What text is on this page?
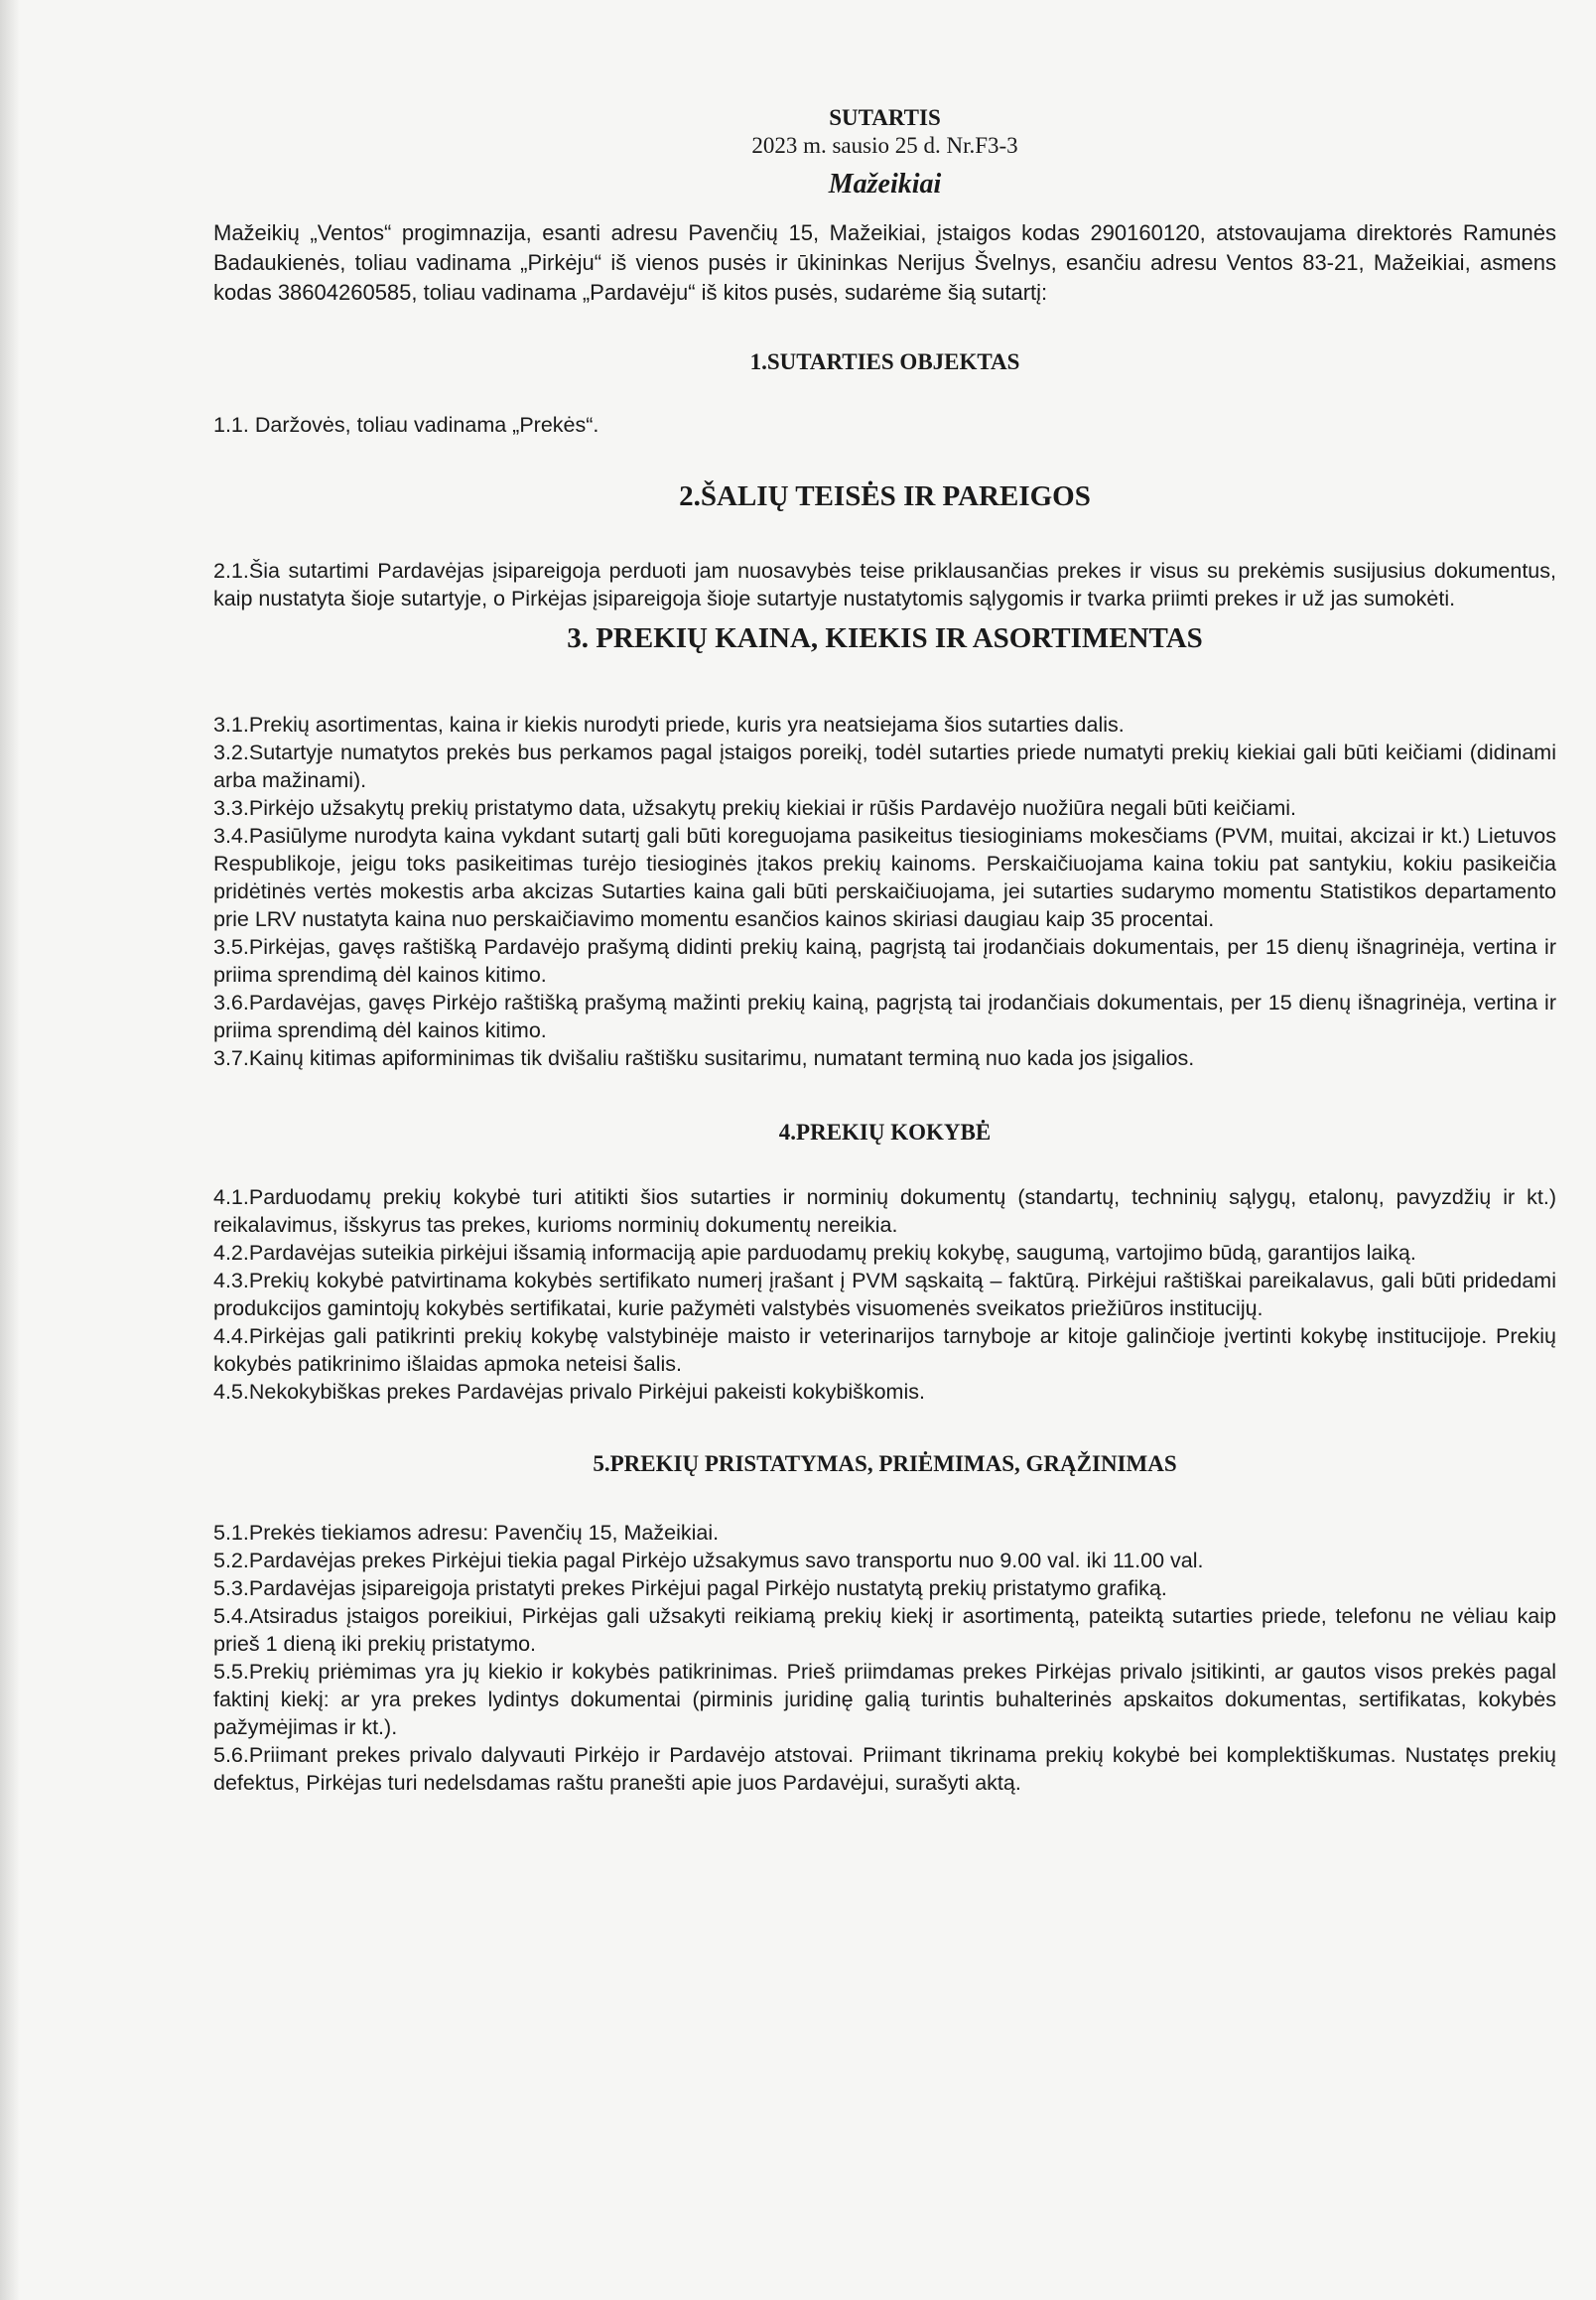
SUTARTIS

2023 m. sausio 25 d. Nr.F3-3

Mažeikiai

Mažeikių „Ventos“ progimnazija, esanti adresu Pavenčių 15, Mažeikiai, įstaigos kodas 290160120, atstovaujama direktorės Ramunės Badaukienės, toliau vadinama „Pirkėju“ iš vienos pusės ir ūkininkas Nerijus Švelnys, esančiu adresu Ventos 83-21, Mažeikiai, asmens kodas 38604260585, toliau vadinama „Pardavėju“ iš kitos pusės, sudarėme šią sutartį:

1.SUTARTIES OBJEKTAS

1.1. Daržovės, toliau vadinama „Prekės“.

2.ŠALIŲ TEISĖS IR PAREIGOS

2.1.Šia sutartimi Pardavėjas įsipareigoja perduoti jam nuosavybės teise priklausančias prekes ir visus su prekėmis susijusius dokumentus, kaip nustatyta šioje sutartyje, o Pirkėjas įsipareigoja šioje sutartyje nustatytomis sąlygomis ir tvarka priimti prekes ir už jas sumokėti.

3. PREKIŲ KAINA, KIEKIS IR ASORTIMENTAS

3.1.Prekių asortimentas, kaina ir kiekis nurodyti priede, kuris yra neatsiejama šios sutarties dalis.

3.2.Sutartyje numatytos prekės bus perkamos pagal įstaigos poreikį, todėl sutarties priede numatyti prekių kiekiai gali būti keičiami (didinami arba mažinami).

3.3.Pirkėjo užsakytų prekių pristatymo data, užsakytų prekių kiekiai ir rūšis Pardavėjo nuožiūra negali būti keičiami.

3.4.Pasiūlyme nurodyta kaina vykdant sutartį gali būti koreguojama pasikeitus tiesioginiams mokesčiams (PVM, muitai, akcizai ir kt.) Lietuvos Respublikoje, jeigu toks pasikeitimas turėjo tiesioginės įtakos prekių kainoms. Perskaičiuojama kaina tokiu pat santykiu, kokiu pasikeičia pridėtinės vertės mokestis arba akcizas Sutarties kaina gali būti perskaičiuojama, jei sutarties sudarymo momentu Statistikos departamento prie LRV nustatyta kaina nuo perskaičiavimo momentu esančios kainos skiriasi daugiau kaip 35 procentai.

3.5.Pirkėjas, gavęs raštišką Pardavėjo prašymą didinti prekių kainą, pagrįstą tai įrodančiais dokumentais, per 15 dienų išnagrinėja, vertina ir priima sprendimą dėl kainos kitimo.

3.6.Pardavėjas, gavęs Pirkėjo raštišką prašymą mažinti prekių kainą, pagrįstą tai įrodančiais dokumentais, per 15 dienų išnagrinėja, vertina ir priima sprendimą dėl kainos kitimo.

3.7.Kainų kitimas apiforminimas tik dvišaliu raštišku susitarimu, numatant terminą nuo kada jos įsigalios.

4.PREKIŲ KOKYBĖ

4.1.Parduodamų prekių kokybė turi atitikti šios sutarties ir norminių dokumentų (standartų, techninių sąlygų, etalonų, pavyzdžių ir kt.) reikalavimus, išskyrus tas prekes, kurioms norminių dokumentų nereikia.

4.2.Pardavėjas suteikia pirkėjui išsamią informaciją apie parduodamų prekių kokybę, saugumą, vartojimo būdą, garantijos laiką.

4.3.Prekių kokybė patvirtinama kokybės sertifikato numerį įrašant į PVM sąskaitą – faktūrą. Pirkėjui raštiškai pareikalavus, gali būti pridedami produkcijos gamintojų kokybės sertifikatai, kurie pažymėti valstybės visuomenės sveikatos priežiūros institucijų.

4.4.Pirkėjas gali patikrinti prekių kokybę valstybinėje maisto ir veterinarijos tarnyboje ar kitoje galinčioje įvertinti kokybę institucijoje. Prekių kokybės patikrinimo išlaidas apmoka neteisi šalis.

4.5.Nekokybiškas prekes Pardavėjas privalo Pirkėjui pakeisti kokybiškomis.

5.PREKIŲ PRISTATYMAS, PRIĖMIMAS, GRĄŽINIMAS

5.1.Prekės tiekiamos adresu: Pavenčių 15, Mažeikiai.

5.2.Pardavėjas prekes Pirkėjui tiekia pagal Pirkėjo užsakymus savo transportu nuo 9.00 val. iki 11.00 val.

5.3.Pardavėjas įsipareigoja pristatyti prekes Pirkėjui pagal Pirkėjo nustatytą prekių pristatymo grafiką.

5.4.Atsiradus įstaigos poreikiui, Pirkėjas gali užsakyti reikiamą prekių kiekį ir asortimentą, pateiktą sutarties priede, telefonu ne vėliau kaip prieš 1 dieną iki prekių pristatymo.

5.5.Prekių priėmimas yra jų kiekio ir kokybės patikrinimas. Prieš priimdamas prekes Pirkėjas privalo įsitikinti, ar gautos visos prekės pagal faktinį kiekį: ar yra prekes lydintys dokumentai (pirminis juridinę galią turintis buhalterinės apskaitos dokumentas, sertifikatas, kokybės pažymėjimas ir kt.).

5.6.Priimant prekes privalo dalyvauti Pirkėjo ir Pardavėjo atstovai. Priimant tikrinama prekių kokybė bei komplektiškumas. Nustatęs prekių defektus, Pirkėjas turi nedelsdamas raštu pranešti apie juos Pardavėjui, surašyti aktą.
